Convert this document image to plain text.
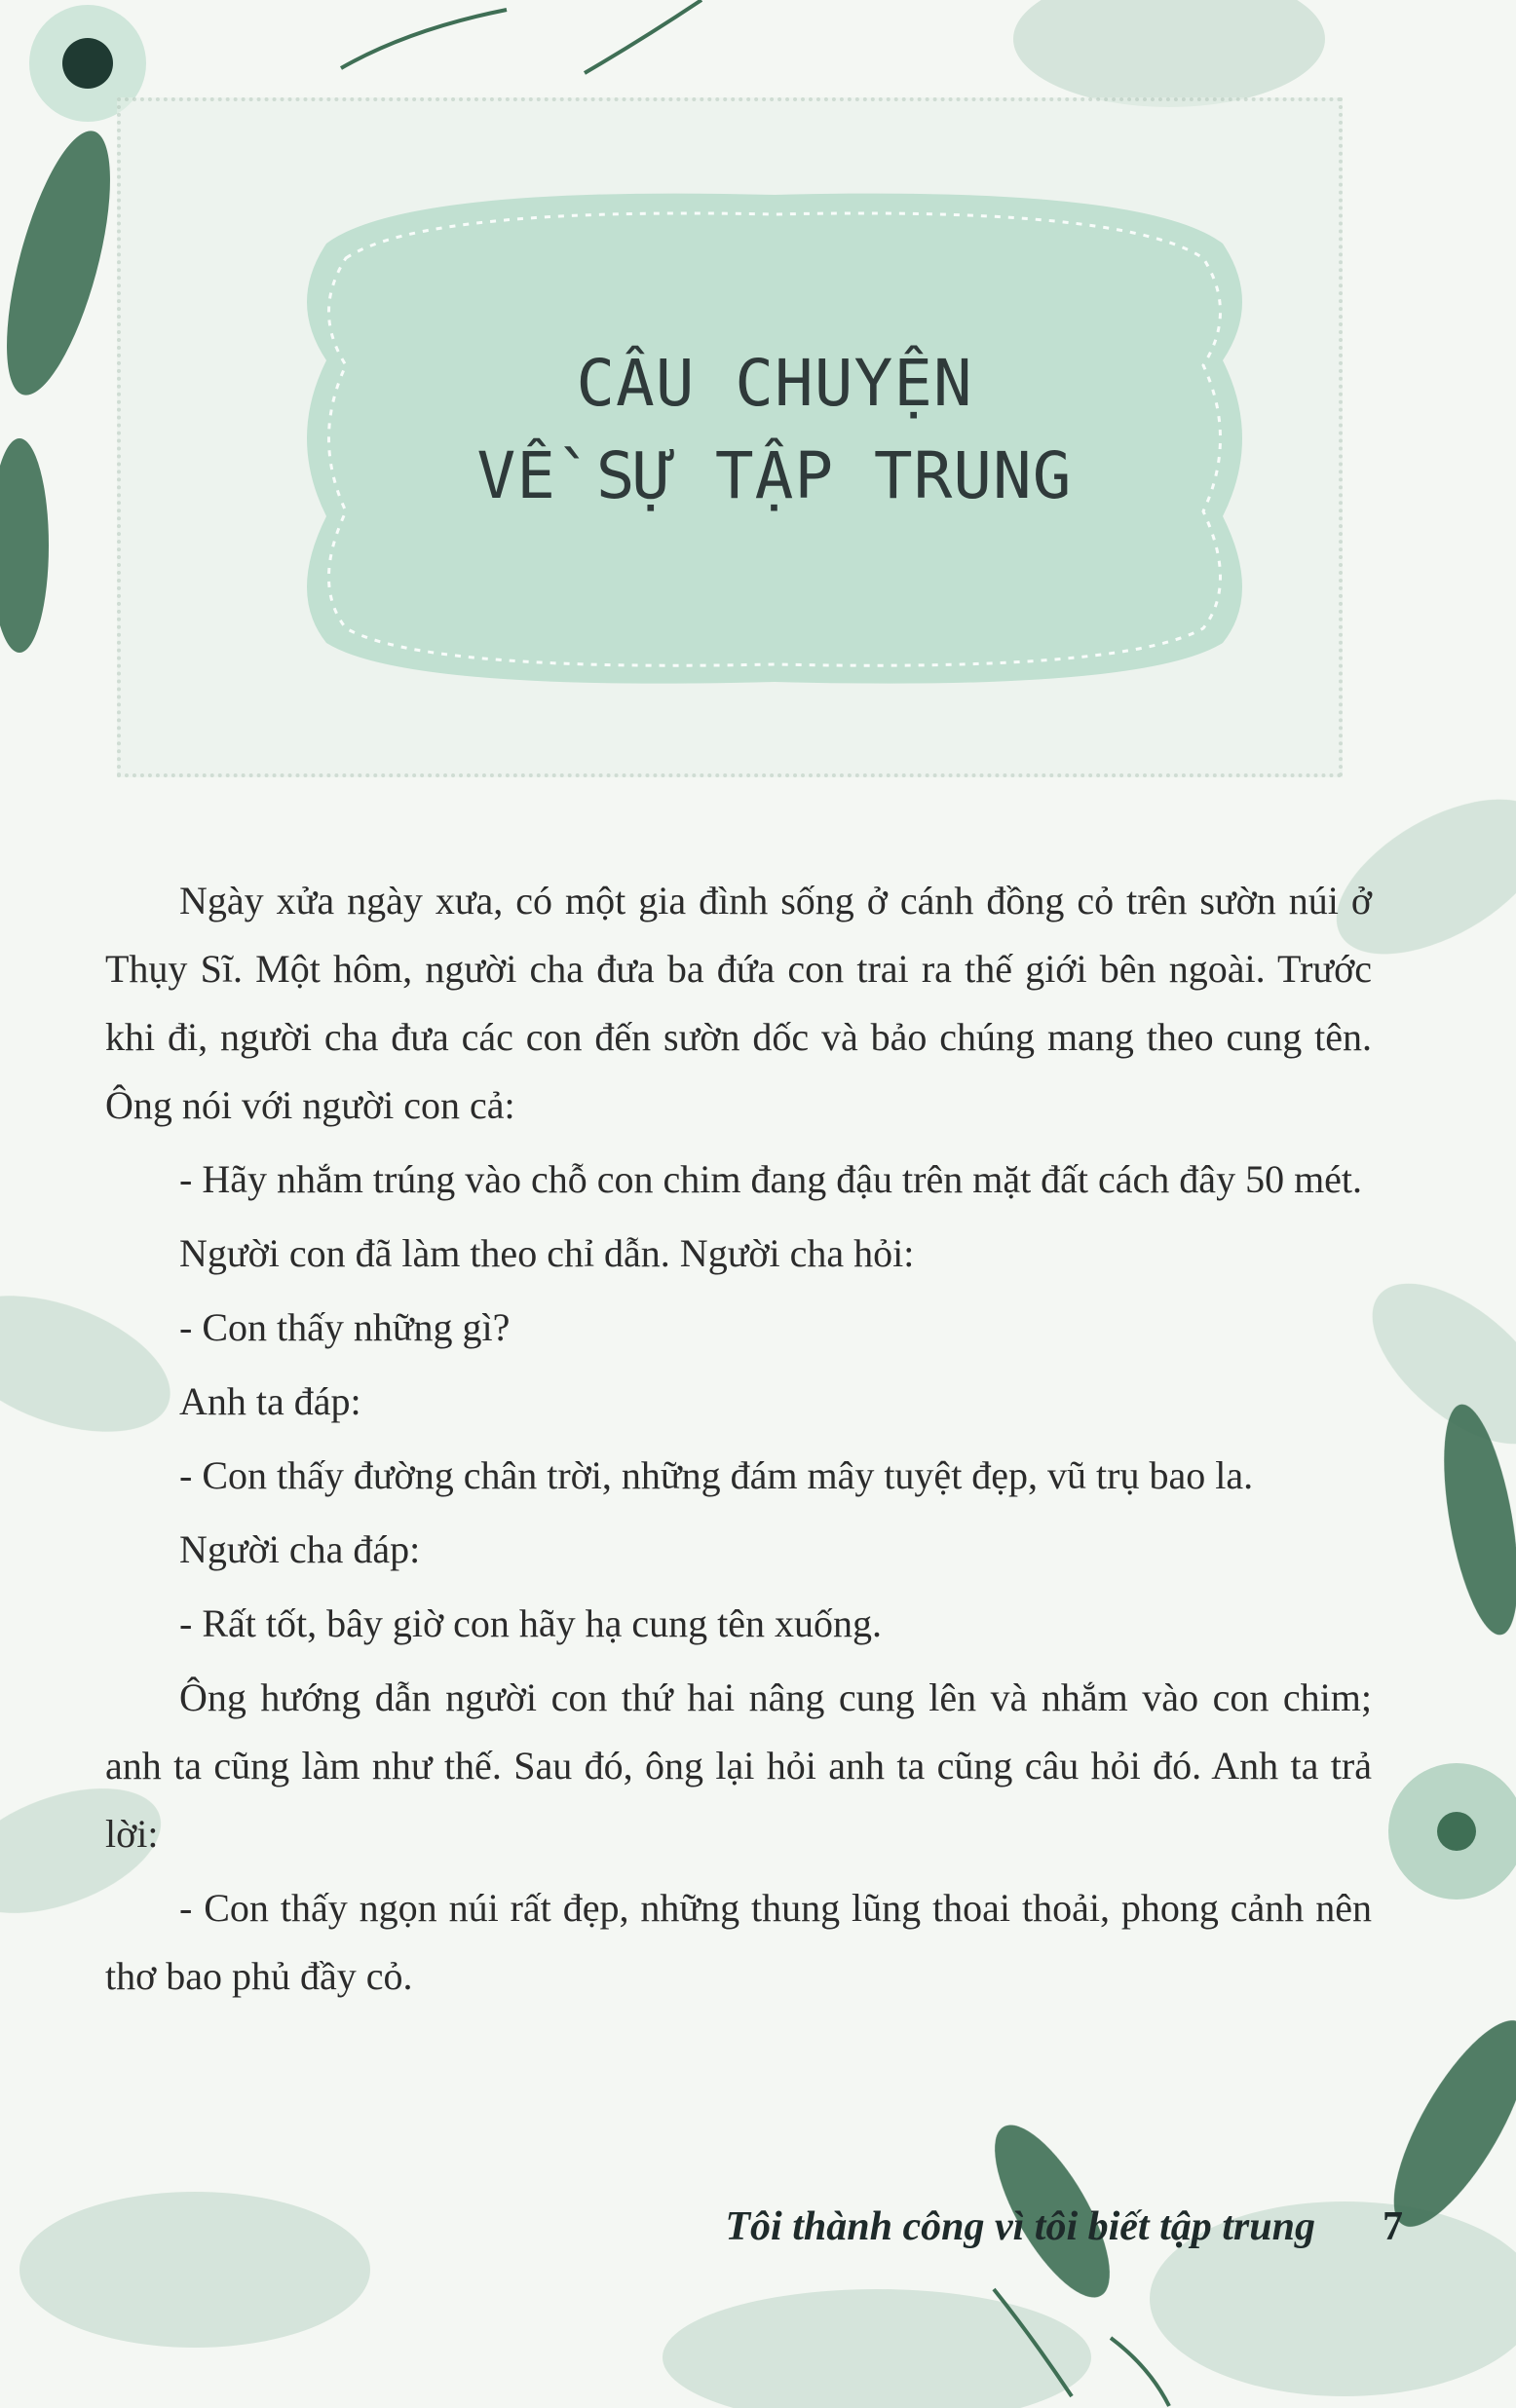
CÂU CHUYỆN
VỀ SỰ TẬP TRUNG

Ngày xửa ngày xưa, có một gia đình sống ở cánh đồng cỏ trên sườn núi ở Thụy Sĩ. Một hôm, người cha đưa ba đứa con trai ra thế giới bên ngoài. Trước khi đi, người cha đưa các con đến sườn dốc và bảo chúng mang theo cung tên. Ông nói với người con cả:

- Hãy nhắm trúng vào chỗ con chim đang đậu trên mặt đất cách đây 50 mét.

Người con đã làm theo chỉ dẫn. Người cha hỏi:

- Con thấy những gì?

Anh ta đáp:

- Con thấy đường chân trời, những đám mây tuyệt đẹp, vũ trụ bao la.

Người cha đáp:

- Rất tốt, bây giờ con hãy hạ cung tên xuống.

Ông hướng dẫn người con thứ hai nâng cung lên và nhắm vào con chim; anh ta cũng làm như thế. Sau đó, ông lại hỏi anh ta cũng câu hỏi đó. Anh ta trả lời:

- Con thấy ngọn núi rất đẹp, những thung lũng thoai thoải, phong cảnh nên thơ bao phủ đầy cỏ.

Tôi thành công vì tôi biết tập trung 7
